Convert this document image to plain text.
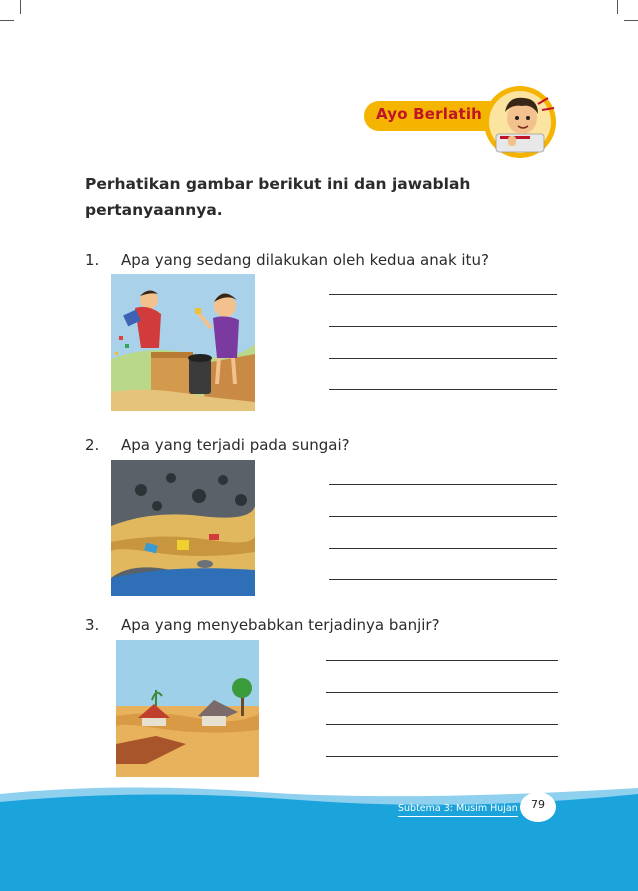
Ayo Berlatih
Perhatikan gambar berikut ini dan jawablah pertanyaannya.
1. Apa yang sedang dilakukan oleh kedua anak itu?
2. Apa yang terjadi pada sungai?
3. Apa yang menyebabkan terjadinya banjir?
Subtema 3: Musim Hujan	79
